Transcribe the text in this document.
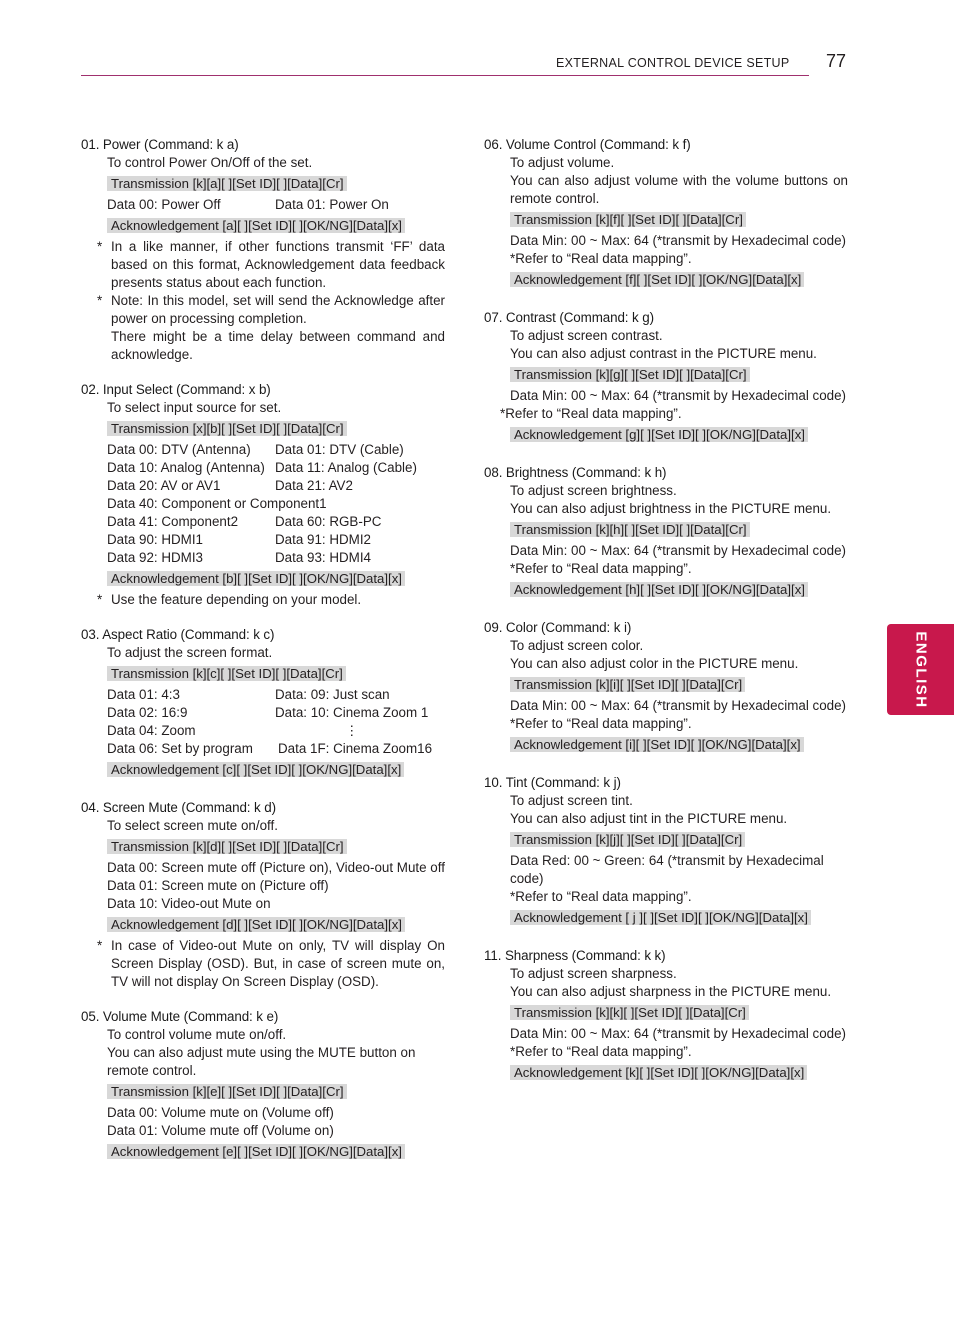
EXTERNAL CONTROL DEVICE SETUP 77
ENGLISH
01. Power (Command: k a)
To control Power On/Off of the set.
Transmission [k][a][ ][Set ID][ ][Data][Cr]
Data 00: Power Off	Data 01: Power On
Acknowledgement [a][ ][Set ID][ ][OK/NG][Data][x]
* In a like manner, if other functions transmit ‘FF’ data based on this format, Acknowledgement data feedback presents status about each function.
* Note: In this model, set will send the Acknowledge after power on processing completion.
There might be a time delay between command and acknowledge.
02. Input Select (Command: x b)
To select input source for set.
Transmission [x][b][ ][Set ID][ ][Data][Cr]
Data 00: DTV (Antenna)	Data 01: DTV (Cable)
Data 10: Analog (Antenna) Data 11: Analog (Cable)
Data 20: AV or AV1	Data 21: AV2
Data 40: Component or Component1
Data 41: Component2	Data 60: RGB-PC
Data 90: HDMI1	Data 91: HDMI2
Data 92: HDMI3	Data 93: HDMI4
Acknowledgement [b][ ][Set ID][ ][OK/NG][Data][x]
* Use the feature depending on your model.
03. Aspect Ratio (Command: k c)
To adjust the screen format.
Transmission [k][c][ ][Set ID][ ][Data][Cr]
Data 01: 4:3	Data: 09: Just scan
Data 02: 16:9	Data: 10: Cinema Zoom 1
Data 04: Zoom	⋮
Data 06: Set by program	Data 1F: Cinema Zoom16
Acknowledgement [c][ ][Set ID][ ][OK/NG][Data][x]
04. Screen Mute (Command: k d)
To select screen mute on/off.
Transmission [k][d][ ][Set ID][ ][Data][Cr]
Data 00: Screen mute off (Picture on), Video-out Mute off
Data 01: Screen mute on (Picture off)
Data 10: Video-out Mute on
Acknowledgement [d][ ][Set ID][ ][OK/NG][Data][x]
* In case of Video-out Mute on only, TV will display On Screen Display (OSD). But, in case of screen mute on, TV will not display On Screen Display (OSD).
05. Volume Mute (Command: k e)
To control volume mute on/off.
You can also adjust mute using the MUTE button on remote control.
Transmission [k][e][ ][Set ID][ ][Data][Cr]
Data 00: Volume mute on (Volume off)
Data 01: Volume mute off (Volume on)
Acknowledgement [e][ ][Set ID][ ][OK/NG][Data][x]
06. Volume Control (Command: k f)
To adjust volume.
You can also adjust volume with the volume buttons on remote control.
Transmission [k][f][ ][Set ID][ ][Data][Cr]
Data Min: 00 ~ Max: 64 (*transmit by Hexadecimal code)
*Refer to “Real data mapping”.
Acknowledgement [f][ ][Set ID][ ][OK/NG][Data][x]
07. Contrast (Command: k g)
To adjust screen contrast.
You can also adjust contrast in the PICTURE menu.
Transmission [k][g][ ][Set ID][ ][Data][Cr]
Data Min: 00 ~ Max: 64 (*transmit by Hexadecimal code)
*Refer to “Real data mapping”.
Acknowledgement [g][ ][Set ID][ ][OK/NG][Data][x]
08. Brightness (Command: k h)
To adjust screen brightness.
You can also adjust brightness in the PICTURE menu.
Transmission [k][h][ ][Set ID][ ][Data][Cr]
Data Min: 00 ~ Max: 64 (*transmit by Hexadecimal code)
*Refer to “Real data mapping”.
Acknowledgement [h][ ][Set ID][ ][OK/NG][Data][x]
09. Color (Command: k i)
To adjust screen color.
You can also adjust color in the PICTURE menu.
Transmission [k][i][ ][Set ID][ ][Data][Cr]
Data Min: 00 ~ Max: 64 (*transmit by Hexadecimal code)
*Refer to “Real data mapping”.
Acknowledgement [i][ ][Set ID][ ][OK/NG][Data][x]
10. Tint (Command: k j)
To adjust screen tint.
You can also adjust tint in the PICTURE menu.
Transmission [k][j][ ][Set ID][ ][Data][Cr]
Data Red: 00 ~ Green: 64 (*transmit by Hexadecimal code)
*Refer to “Real data mapping”.
Acknowledgement [ j ][ ][Set ID][ ][OK/NG][Data][x]
11. Sharpness (Command: k k)
To adjust screen sharpness.
You can also adjust sharpness in the PICTURE menu.
Transmission [k][k][ ][Set ID][ ][Data][Cr]
Data Min: 00 ~ Max: 64 (*transmit by Hexadecimal code)
*Refer to “Real data mapping”.
Acknowledgement [k][ ][Set ID][ ][OK/NG][Data][x]
